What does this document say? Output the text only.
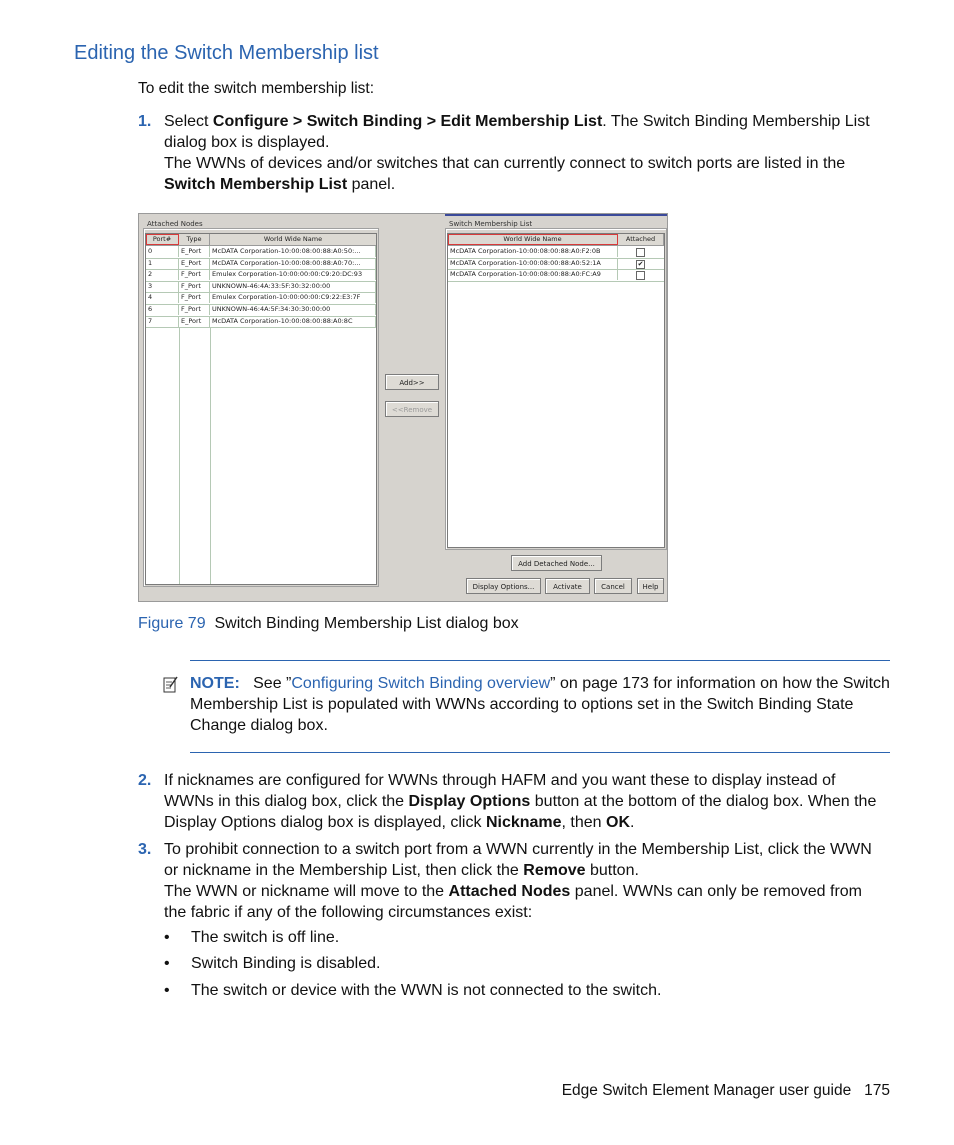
Editing the Switch Membership list
To edit the switch membership list:
1. Select Configure > Switch Binding > Edit Membership List. The Switch Binding Membership List dialog box is displayed.
The WWNs of devices and/or switches that can currently connect to switch ports are listed in the Switch Membership List panel.
Attached Nodes
Port#	Type	World Wide Name
0	E_Port	McDATA Corporation-10:00:08:00:88:A0:50:...
1	E_Port	McDATA Corporation-10:00:08:00:88:A0:70:...
2	F_Port	Emulex Corporation-10:00:00:00:C9:20:DC:93
3	F_Port	UNKNOWN-46:4A:33:5F:30:32:00:00
4	F_Port	Emulex Corporation-10:00:00:00:C9:22:E3:7F
6	F_Port	UNKNOWN-46:4A:5F:34:30:30:00:00
7	E_Port	McDATA Corporation-10:00:08:00:88:A0:8C
Add>>
<<Remove
Switch Membership List
World Wide Name	Attached
McDATA Corporation-10:00:08:00:88:A0:F2:0B
McDATA Corporation-10:00:08:00:88:A0:52:1A	✔
McDATA Corporation-10:00:08:00:88:A0:FC:A9
Add Detached Node...
Display Options...	Activate	Cancel	Help
Figure 79 Switch Binding Membership List dialog box
NOTE: See ”Configuring Switch Binding overview” on page 173 for information on how the Switch Membership List is populated with WWNs according to options set in the Switch Binding State Change dialog box.
2. If nicknames are configured for WWNs through HAFM and you want these to display instead of WWNs in this dialog box, click the Display Options button at the bottom of the dialog box. When the Display Options dialog box is displayed, click Nickname, then OK.
3. To prohibit connection to a switch port from a WWN currently in the Membership List, click the WWN or nickname in the Membership List, then click the Remove button.
The WWN or nickname will move to the Attached Nodes panel. WWNs can only be removed from the fabric if any of the following circumstances exist:
• The switch is off line.
• Switch Binding is disabled.
• The switch or device with the WWN is not connected to the switch.
Edge Switch Element Manager user guide 175
